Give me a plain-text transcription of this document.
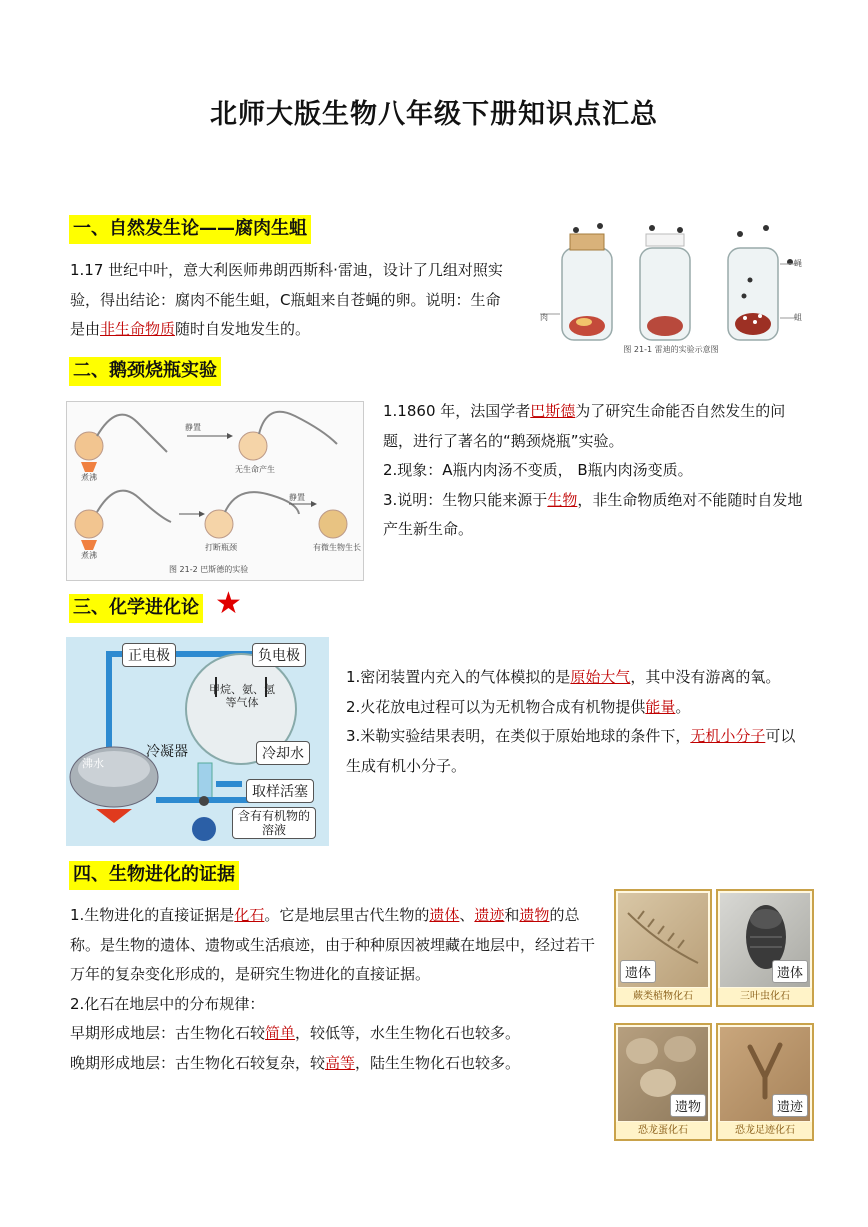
北师大版生物八年级下册知识点汇总
一、自然发生论——腐肉生蛆

1.17 世纪中叶，意大利医师弗朗西斯科·雷迪，设计了几组对照实验，得出结论：腐肉不能生蛆，C瓶蛆来自苍蝇的卵。说明：生命是由非生命物质随时自发地发生的。

肉
蝇
蛆
图 21-1 雷迪的实验示意图
二、鹅颈烧瓶实验
静置
煮沸
无生命产生
煮沸
打断瓶颈
静置
有微生物生长
图 21-2 巴斯德的实验

1.1860 年，法国学者巴斯德为了研究生命能否自然发生的问题，进行了著名的“鹅颈烧瓶”实验。

2.现象：A瓶内肉汤不变质， B瓶内肉汤变质。

3.说明：生物只能来源于生物，非生命物质绝对不能随时自发地产生新生命。

三、化学进化论 ★
正电极	负电极
甲烷、氨、氢等气体
冷凝器	冷却水
沸水
取样活塞
含有有机物的溶液

1.密闭装置内充入的气体模拟的是原始大气，其中没有游离的氧。

2.火花放电过程可以为无机物合成有机物提供能量。

3.米勒实验结果表明，在类似于原始地球的条件下，无机小分子可以生成有机小分子。

四、生物进化的证据

1.生物进化的直接证据是化石。它是地层里古代生物的遗体、遗迹和遗物的总称。是生物的遗体、遗物或生活痕迹，由于种种原因被埋藏在地层中，经过若干万年的复杂变化形成的，是研究生物进化的直接证据。

2.化石在地层中的分布规律：

早期形成地层：古生物化石较简单，较低等，水生生物化石也较多。

晚期形成地层：古生物化石较复杂，较高等，陆生生物化石也较多。

遗体
蕨类植物化石
遗体
三叶虫化石
遗物
恐龙蛋化石
遗迹
恐龙足迹化石
